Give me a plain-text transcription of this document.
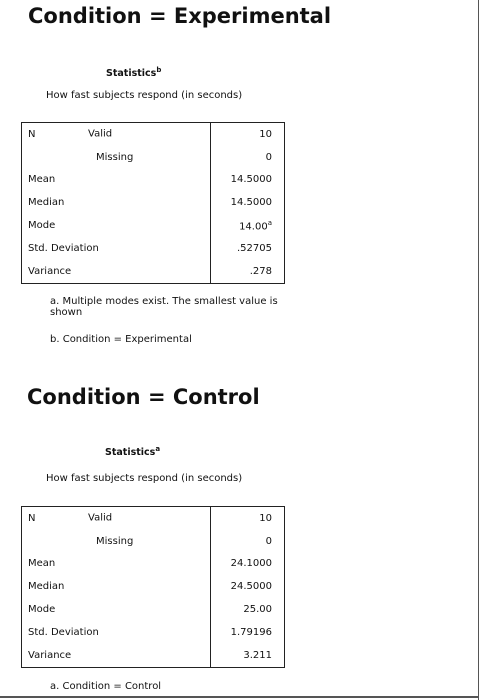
Condition = Experimental
Statistics$^b$
How fast subjects respond (in seconds)
N Valid	10
Missing	0
Mean	14.5000
Median	14.5000
Mode	14.00$^a$
Std. Deviation	.52705
Variance	.278
a. Multiple modes exist. The smallest value is shown
b. Condition = Experimental
Condition = Control
Statistics$^a$
How fast subjects respond (in seconds)
N Valid	10
Missing	0
Mean	24.1000
Median	24.5000
Mode	25.00
Std. Deviation	1.79196
Variance	3.211
a. Condition = Control
